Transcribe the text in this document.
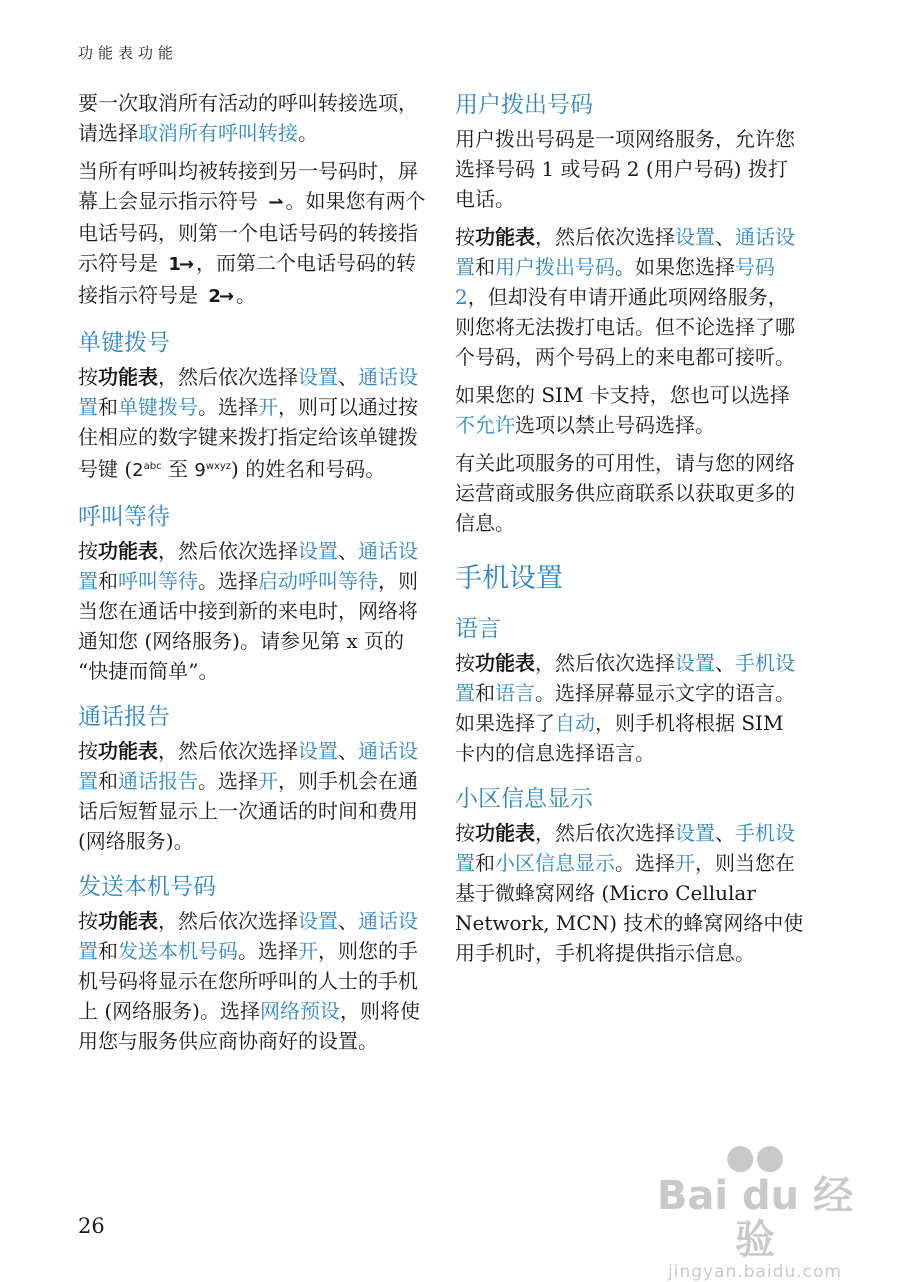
功能表功能

要一次取消所有活动的呼叫转接选项，请选择取消所有呼叫转接。

当所有呼叫均被转接到另一号码时，屏幕上会显示指示符号 ⇀ 。如果您有两个电话号码，则第一个电话号码的转接指示符号是 1→ ，而第二个电话号码的转接指示符号是 2→ 。

单键拨号

按功能表，然后依次选择设置、通话设置和单键拨号。选择开，则可以通过按住相应的数字键来拨打指定给该单键拨号键 ($2^{abc}$ 至 $9^{wxyz}$) 的姓名和号码。

呼叫等待

按功能表，然后依次选择设置、通话设置和呼叫等待。选择启动呼叫等待，则当您在通话中接到新的来电时，网络将通知您 (网络服务)。请参见第 x 页的 “快捷而简单”。

通话报告

按功能表，然后依次选择设置、通话设置和通话报告。选择开，则手机会在通话后短暂显示上一次通话的时间和费用 (网络服务)。

发送本机号码

按功能表，然后依次选择设置、通话设置和发送本机号码。选择开，则您的手机号码将显示在您所呼叫的人士的手机上 (网络服务)。选择网络预设，则将使用您与服务供应商协商好的设置。

用户拨出号码

用户拨出号码是一项网络服务，允许您选择号码 1 或号码 2 (用户号码) 拨打电话。

按功能表，然后依次选择设置、通话设置和用户拨出号码。如果您选择号码 2，但却没有申请开通此项网络服务，则您将无法拨打电话。但不论选择了哪个号码，两个号码上的来电都可接听。

如果您的 SIM 卡支持，您也可以选择不允许选项以禁止号码选择。

有关此项服务的可用性，请与您的网络运营商或服务供应商联系以获取更多的信息。

手机设置
语言

按功能表，然后依次选择设置、手机设置和语言。选择屏幕显示文字的语言。如果选择了自动，则手机将根据 SIM 卡内的信息选择语言。

小区信息显示

按功能表，然后依次选择设置、手机设置和小区信息显示。选择开，则当您在基于微蜂窝网络 (Micro Cellular Network, MCN) 技术的蜂窝网络中使用手机时，手机将提供指示信息。

26
●●
Bai du 经验
jingyan.baidu.com
